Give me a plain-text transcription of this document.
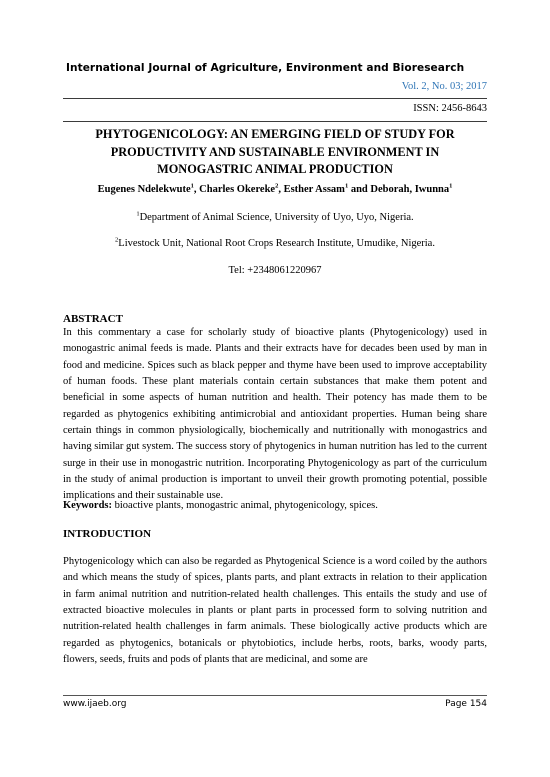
International Journal of Agriculture, Environment and Bioresearch
Vol. 2, No. 03; 2017
ISSN: 2456-8643
PHYTOGENICOLOGY: AN EMERGING FIELD OF STUDY FOR
PRODUCTIVITY AND SUSTAINABLE ENVIRONMENT IN
MONOGASTRIC ANIMAL PRODUCTION
Eugenes Ndelekwute$^1$, Charles Okereke$^2$, Esther Assam$^1$ and Deborah, Iwunna$^1$
$^1$Department of Animal Science, University of Uyo, Uyo, Nigeria.
$^2$Livestock Unit, National Root Crops Research Institute, Umudike, Nigeria.
Tel: +2348061220967
ABSTRACT
In this commentary a case for scholarly study of bioactive plants (Phytogenicology) used in monogastric animal feeds is made. Plants and their extracts have for decades been used by man in food and medicine. Spices such as black pepper and thyme have been used to improve acceptability of human foods. These plant materials contain certain substances that make them potent and beneficial in some aspects of human nutrition and health. Their potency has made them to be regarded as phytogenics exhibiting antimicrobial and antioxidant properties. Human being share certain things in common physiologically, biochemically and nutritionally with monogastrics and having similar gut system. The success story of phytogenics in human nutrition has led to the current surge in their use in monogastric nutrition. Incorporating Phytogenicology as part of the curriculum in the study of animal production is important to unveil their growth promoting potential, possible implications and their sustainable use.
Keywords: bioactive plants, monogastric animal, phytogenicology, spices.
INTRODUCTION
Phytogenicology which can also be regarded as Phytogenical Science is a word coiled by the authors and which means the study of spices, plants parts, and plant extracts in relation to their application in farm animal nutrition and nutrition-related health challenges. This entails the study and use of extracted bioactive molecules in plants or plant parts in processed form to solving nutrition and nutrition-related health challenges in farm animals. These biologically active products which are regarded as phytogenics, botanicals or phytobiotics, include herbs, roots, barks, woody parts, flowers, seeds, fruits and pods of plants that are medicinal, and some are
www.ijaeb.org	Page 154
